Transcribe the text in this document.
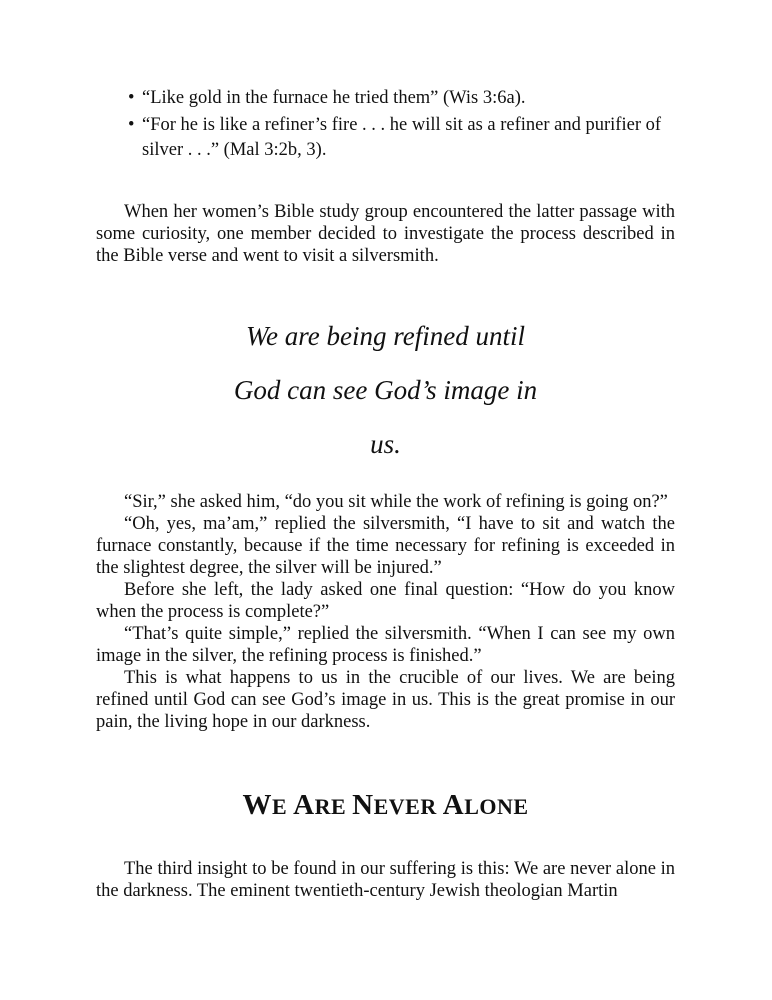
• “Like gold in the furnace he tried them” (Wis 3:6a).
• “For he is like a refiner’s fire . . . he will sit as a refiner and purifier of silver . . .” (Mal 3:2b, 3).

When her women’s Bible study group encountered the latter passage with some curiosity, one member decided to investigate the process described in the Bible verse and went to visit a silversmith.

We are being refined until
God can see God’s image in
us.

“Sir,” she asked him, “do you sit while the work of refining is going on?”

“Oh, yes, ma’am,” replied the silversmith, “I have to sit and watch the furnace constantly, because if the time necessary for refining is exceeded in the slightest degree, the silver will be injured.”

Before she left, the lady asked one final question: “How do you know when the process is complete?”

“That’s quite simple,” replied the silversmith. “When I can see my own image in the silver, the refining process is finished.”

This is what happens to us in the crucible of our lives. We are being refined until God can see God’s image in us. This is the great promise in our pain, the living hope in our darkness.

WE ARE NEVER ALONE

The third insight to be found in our suffering is this: We are never alone in the darkness. The eminent twentieth-century Jewish theologian Martin
